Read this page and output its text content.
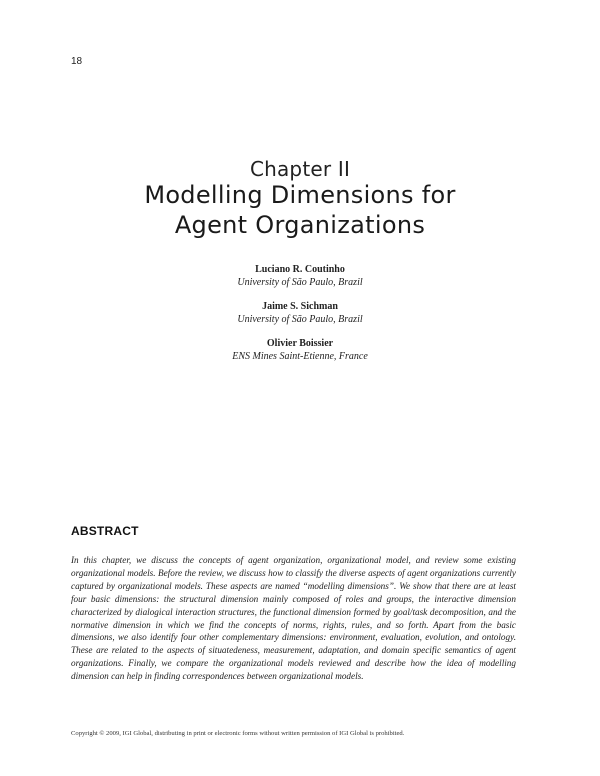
18
Chapter II
Modelling Dimensions for
Agent Organizations
Luciano R. Coutinho
University of São Paulo, Brazil
Jaime S. Sichman
University of São Paulo, Brazil
Olivier Boissier
ENS Mines Saint-Etienne, France
ABSTRACT

In this chapter, we discuss the concepts of agent organization, organizational model, and review some existing organizational models. Before the review, we discuss how to classify the diverse aspects of agent organizations currently captured by organizational models. These aspects are named “modelling dimensions”. We show that there are at least four basic dimensions: the structural dimension mainly composed of roles and groups, the interactive dimension characterized by dialogical interaction structures, the functional dimension formed by goal/task decomposition, and the normative dimension in which we find the concepts of norms, rights, rules, and so forth. Apart from the basic dimensions, we also identify four other complementary dimensions: environment, evaluation, evolution, and ontology. These are related to the aspects of situatedeness, measurement, adaptation, and domain specific semantics of agent organizations. Finally, we compare the organizational models reviewed and describe how the idea of modelling dimension can help in finding correspondences between organizational models.

Copyright © 2009, IGI Global, distributing in print or electronic forms without written permission of IGI Global is prohibited.
